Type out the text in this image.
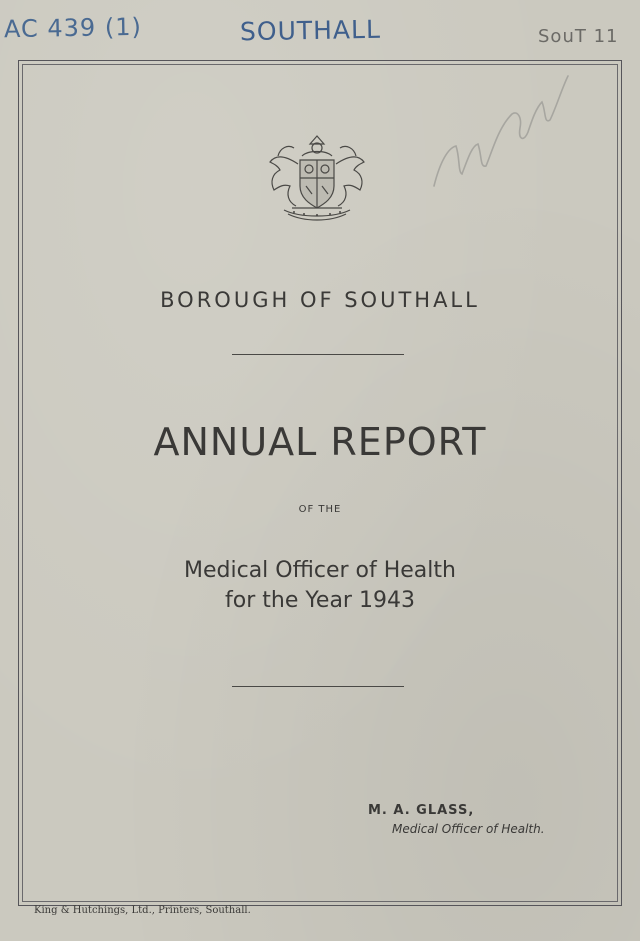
AC 439 (1)	SOUTHALL	SouT 11
BOROUGH OF SOUTHALL
ANNUAL REPORT
OF THE
Medical Officer of Health
for the Year 1943
M. A. GLASS,
Medical Officer of Health.
King & Hutchings, Ltd., Printers, Southall.
